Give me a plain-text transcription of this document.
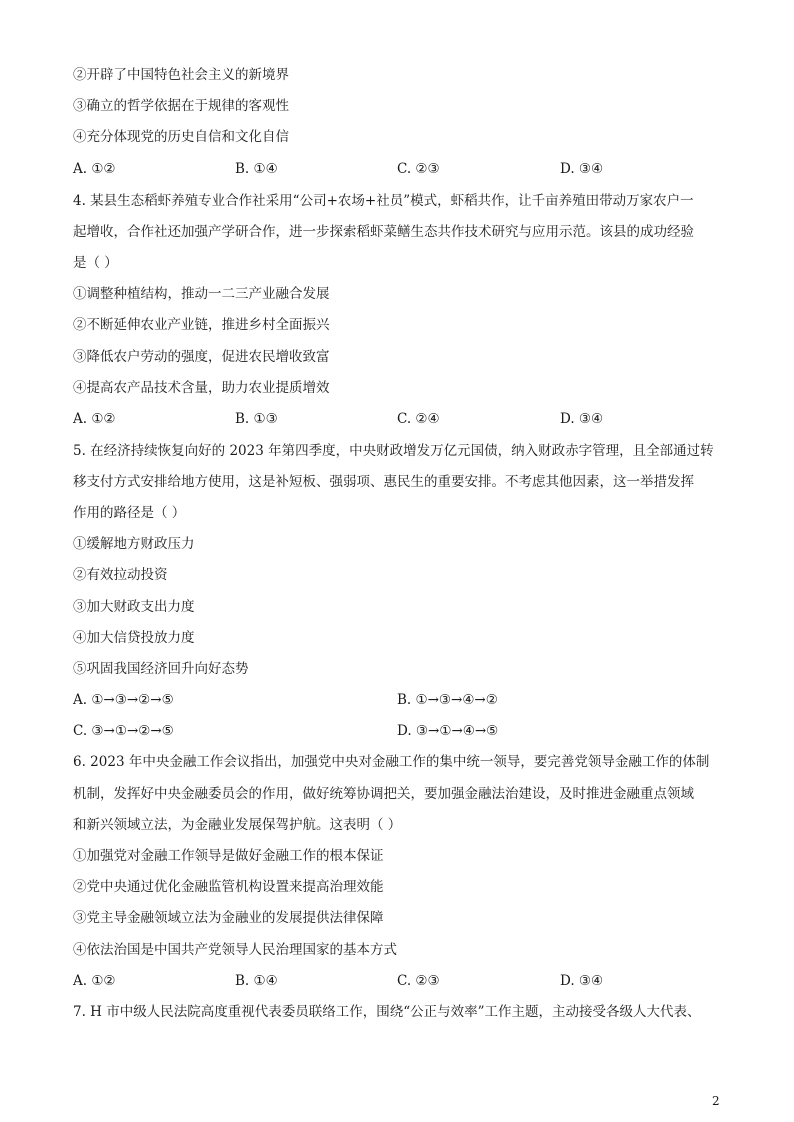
②开辟了中国特色社会主义的新境界
③确立的哲学依据在于规律的客观性
④充分体现党的历史自信和文化自信
A. ①②	B. ①④	C. ②③	D. ③④
4. 某县生态稻虾养殖专业合作社采用“公司+农场+社员”模式，虾稻共作，让千亩养殖田带动万家农户一
起增收，合作社还加强产学研合作，进一步探索稻虾菜鳝生态共作技术研究与应用示范。该县的成功经验
是（ ）
①调整种植结构，推动一二三产业融合发展
②不断延伸农业产业链，推进乡村全面振兴
③降低农户劳动的强度，促进农民增收致富
④提高农产品技术含量，助力农业提质增效
A. ①②	B. ①③	C. ②④	D. ③④
5. 在经济持续恢复向好的 2023 年第四季度，中央财政增发万亿元国债，纳入财政赤字管理，且全部通过转
移支付方式安排给地方使用，这是补短板、强弱项、惠民生的重要安排。不考虑其他因素，这一举措发挥
作用的路径是（ ）
①缓解地方财政压力
②有效拉动投资
③加大财政支出力度
④加大信贷投放力度
⑤巩固我国经济回升向好态势
A. ①→③→②→⑤	B. ①→③→④→②
C. ③→①→②→⑤	D. ③→①→④→⑤
6. 2023 年中央金融工作会议指出，加强党中央对金融工作的集中统一领导，要完善党领导金融工作的体制
机制，发挥好中央金融委员会的作用，做好统筹协调把关，要加强金融法治建设，及时推进金融重点领域
和新兴领域立法，为金融业发展保驾护航。这表明（ ）
①加强党对金融工作领导是做好金融工作的根本保证
②党中央通过优化金融监管机构设置来提高治理效能
③党主导金融领域立法为金融业的发展提供法律保障
④依法治国是中国共产党领导人民治理国家的基本方式
A. ①②	B. ①④	C. ②③	D. ③④
7. H 市中级人民法院高度重视代表委员联络工作，围绕“公正与效率”工作主题，主动接受各级人大代表、
2
